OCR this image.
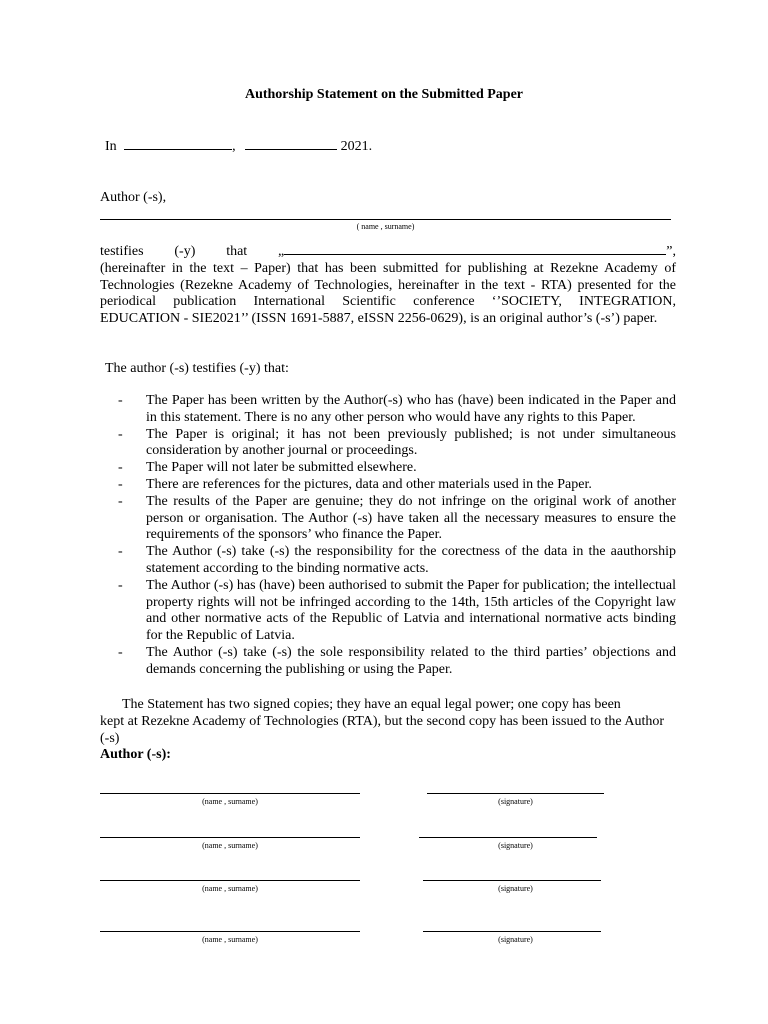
Authorship Statement on the Submitted Paper
In	,	2021.
Author (-s),
( name , surname)
testifies (-y) that „	”,
(hereinafter in the text – Paper) that has been submitted for publishing at Rezekne Academy of Technologies (Rezekne Academy of Technologies, hereinafter in the text - RTA) presented for the periodical publication International Scientific conference ‘’SOCIETY, INTEGRATION, EDUCATION - SIE2021’’ (ISSN 1691-5887, eISSN 2256-0629), is an original author’s (-s’) paper.
The author (-s) testifies (-y) that:
-	The Paper has been written by the Author(-s) who has (have) been indicated in the Paper and in this statement. There is no any other person who would have any rights to this Paper.
-	The Paper is original; it has not been previously published; is not under simultaneous consideration by another journal or proceedings.
-	The Paper will not later be submitted elsewhere.
-	There are references for the pictures, data and other materials used in the Paper.
-	The results of the Paper are genuine; they do not infringe on the original work of another person or organisation. The Author (-s) have taken all the necessary measures to ensure the requirements of the sponsors’ who finance the Paper.
-	The Author (-s) take (-s) the responsibility for the corectness of the data in the aauthorship statement according to the binding normative acts.
-	The Author (-s) has (have) been authorised to submit the Paper for publication; the intellectual property rights will not be infringed according to the 14th, 15th articles of the Copyright law and other normative acts of the Republic of Latvia and international normative acts binding for the Republic of Latvia.
-	The Author (-s) take (-s) the sole responsibility related to the third parties’ objections and demands concerning the publishing or using the Paper.
The Statement has two signed copies; they have an equal legal power; one copy has been
kept at Rezekne Academy of Technologies (RTA), but the second copy has been issued to the Author (-s)
Author (-s):
(name , surname)	(signature)
(name , surname)	(signature)
(name , surname)	(signature)
(name , surname)	(signature)
